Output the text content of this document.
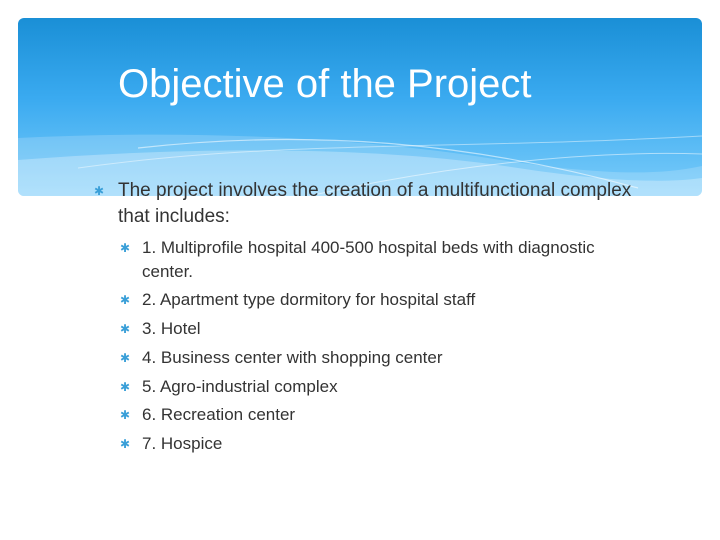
Objective of the Project
✱ The project involves the creation of a multifunctional complex that includes:
✱ 1. Multiprofile hospital 400-500 hospital beds with diagnostic center.
✱ 2. Apartment type dormitory for hospital staff
✱ 3. Hotel
✱ 4. Business center with shopping center
✱ 5. Agro-industrial complex
✱ 6. Recreation center
✱ 7. Hospice
